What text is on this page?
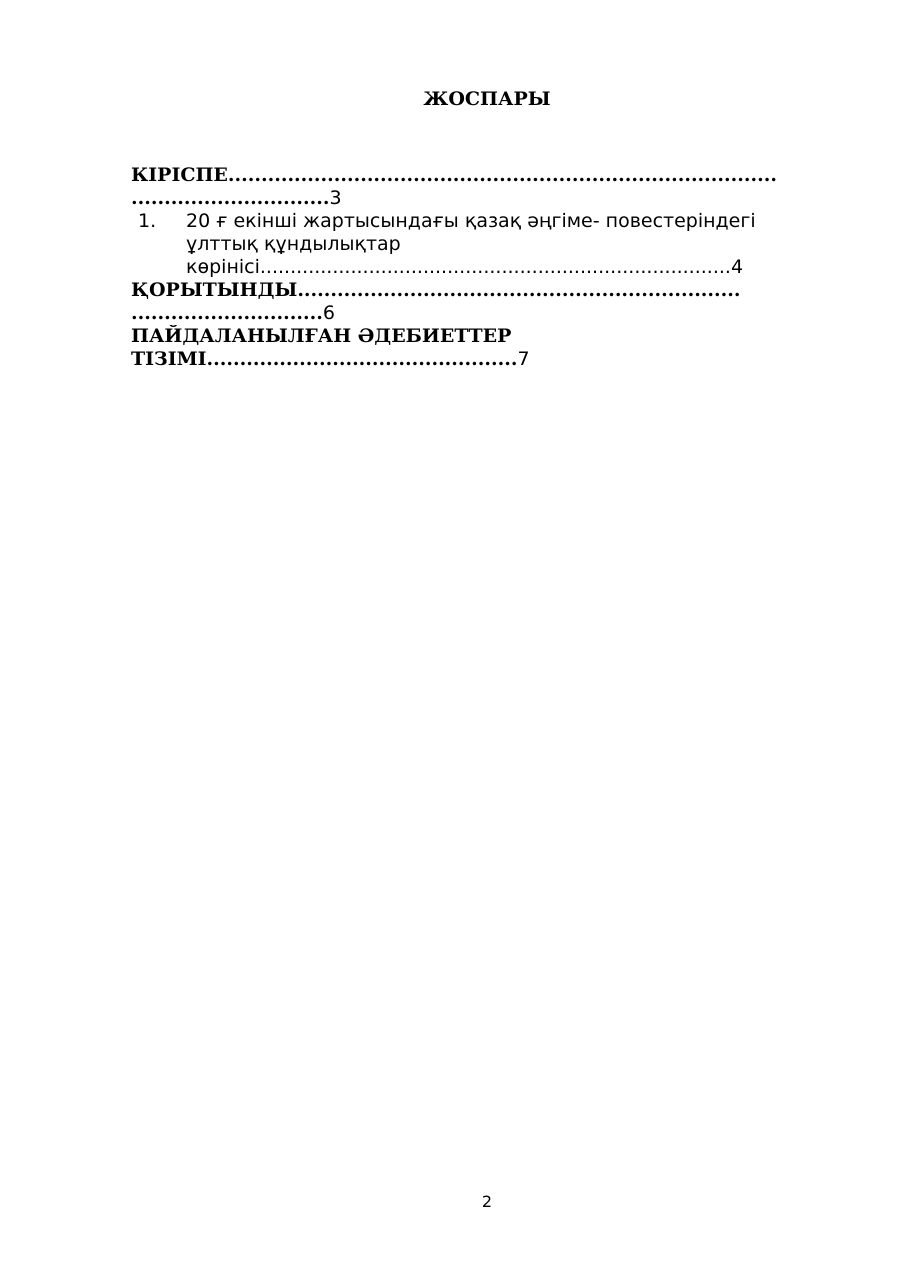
ЖОСПАРЫ
КІРІСПЕ...................................................................................
..............................3
1. 20 ғ екінші жартысындағы қазақ әңгіме- повестеріндегі
ұлттық құндылықтар
көрінісі..............................................................................4
ҚОРЫТЫНДЫ...................................................................
.............................6
ПАЙДАЛАНЫЛҒАН ӘДЕБИЕТТЕР
ТІЗІМІ...............................................7
2
